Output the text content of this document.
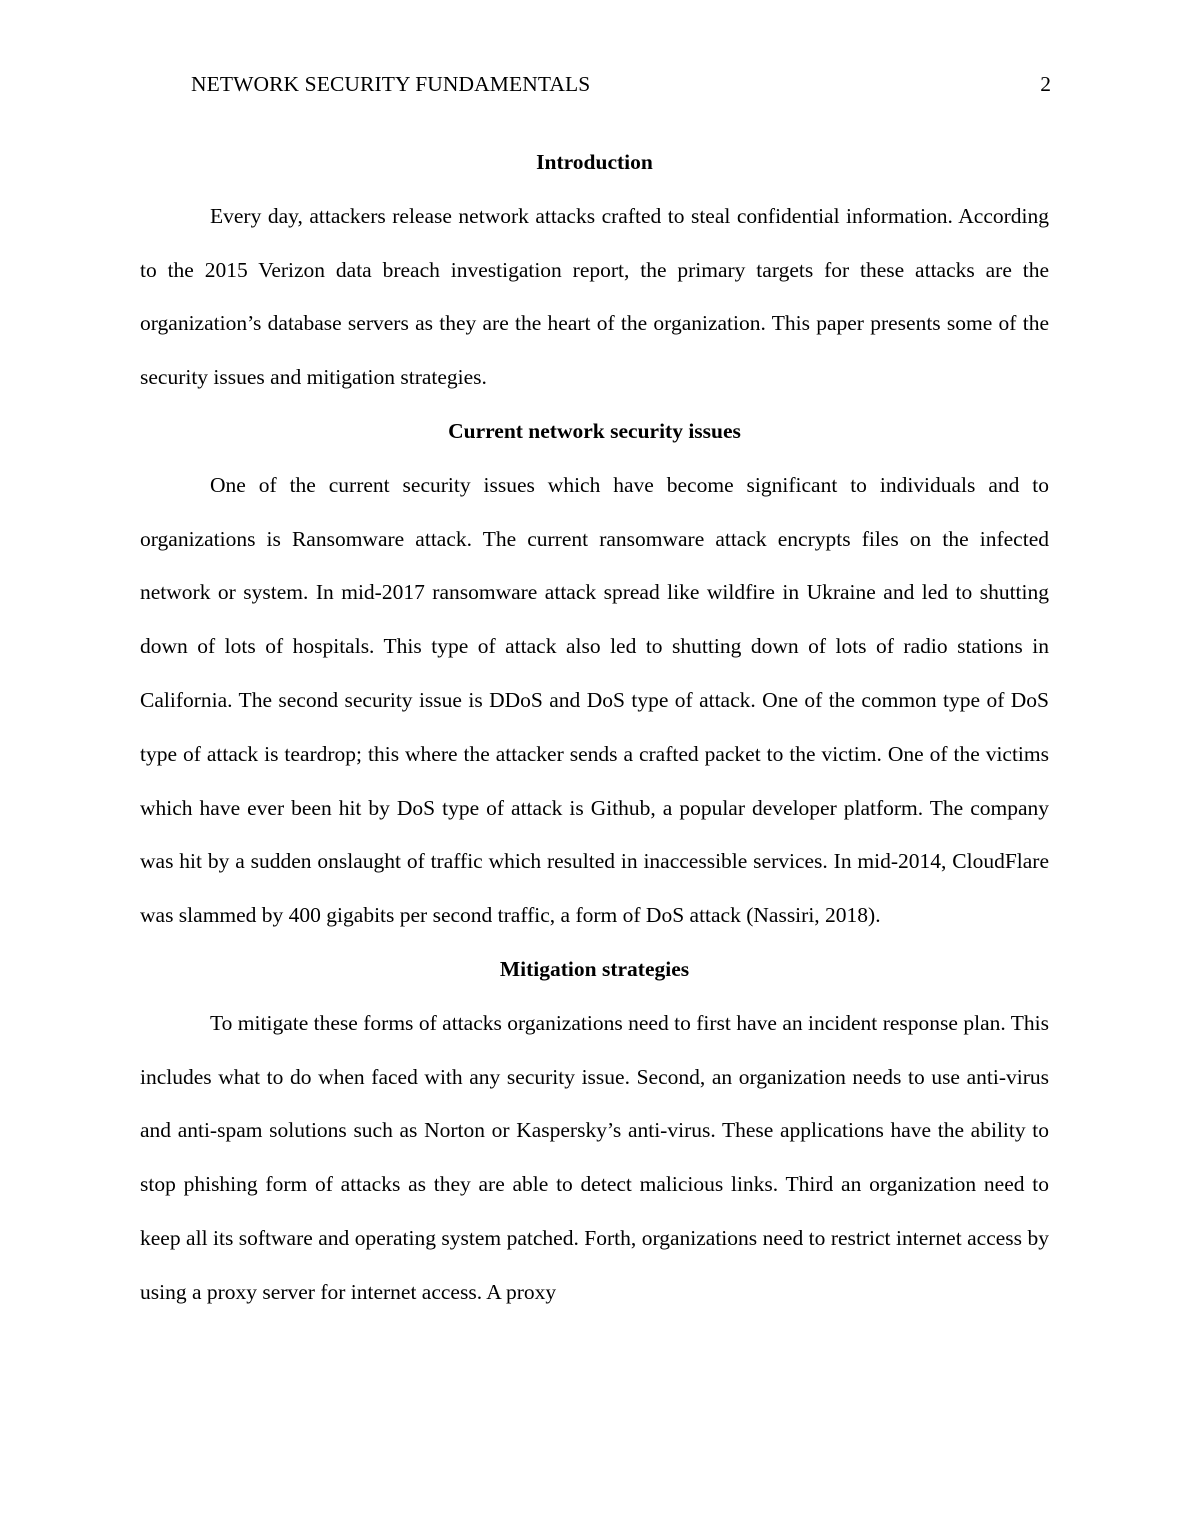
NETWORK SECURITY FUNDAMENTALS	2
Introduction

Every day, attackers release network attacks crafted to steal confidential information. According to the 2015 Verizon data breach investigation report, the primary targets for these attacks are the organization’s database servers as they are the heart of the organization. This paper presents some of the security issues and mitigation strategies.

Current network security issues

One of the current security issues which have become significant to individuals and to organizations is Ransomware attack. The current ransomware attack encrypts files on the infected network or system. In mid-2017 ransomware attack spread like wildfire in Ukraine and led to shutting down of lots of hospitals. This type of attack also led to shutting down of lots of radio stations in California. The second security issue is DDoS and DoS type of attack. One of the common type of DoS type of attack is teardrop; this where the attacker sends a crafted packet to the victim. One of the victims which have ever been hit by DoS type of attack is Github, a popular developer platform. The company was hit by a sudden onslaught of traffic which resulted in inaccessible services. In mid-2014, CloudFlare was slammed by 400 gigabits per second traffic, a form of DoS attack (Nassiri, 2018).

Mitigation strategies

To mitigate these forms of attacks organizations need to first have an incident response plan. This includes what to do when faced with any security issue. Second, an organization needs to use anti-virus and anti-spam solutions such as Norton or Kaspersky’s anti-virus. These applications have the ability to stop phishing form of attacks as they are able to detect malicious links. Third an organization need to keep all its software and operating system patched. Forth, organizations need to restrict internet access by using a proxy server for internet access. A proxy
